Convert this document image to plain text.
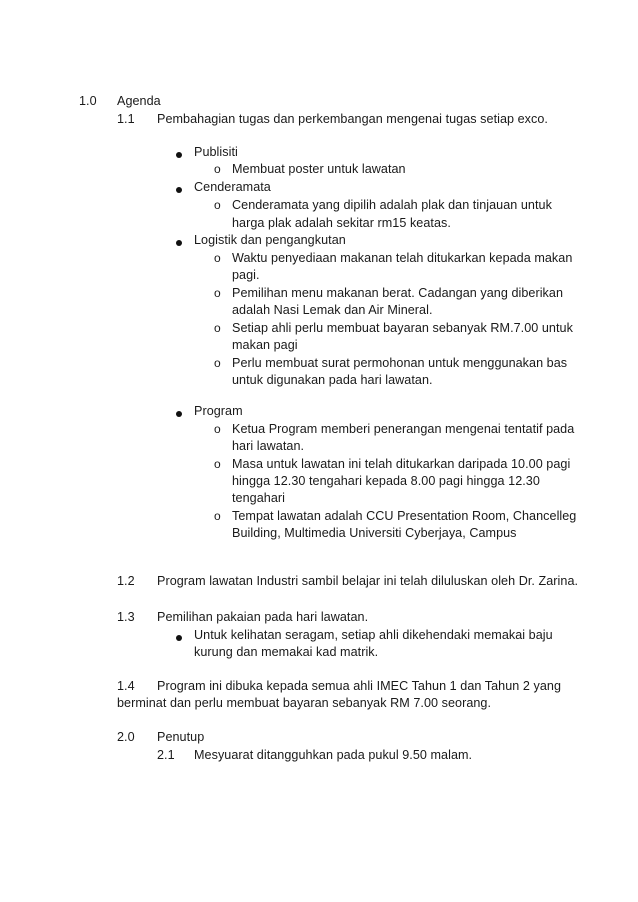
1.0 Agenda
1.1 Pembahagian tugas dan perkembangan mengenai tugas setiap exco.
Publisiti
o Membuat poster untuk lawatan
Cenderamata
o Cenderamata yang dipilih adalah plak dan tinjauan untuk
harga plak adalah sekitar rm15 keatas.
Logistik dan pengangkutan
o Waktu penyediaan makanan telah ditukarkan kepada makan
pagi.
o Pemilihan menu makanan berat. Cadangan yang diberikan
adalah Nasi Lemak dan Air Mineral.
o Setiap ahli perlu membuat bayaran sebanyak RM.7.00 untuk
makan pagi
o Perlu membuat surat permohonan untuk menggunakan bas
untuk digunakan pada hari lawatan.
Program
o Ketua Program memberi penerangan mengenai tentatif pada
hari lawatan.
o Masa untuk lawatan ini telah ditukarkan daripada 10.00 pagi
hingga 12.30 tengahari kepada 8.00 pagi hingga 12.30
tengahari
o Tempat lawatan adalah CCU Presentation Room, Chancelleg
Building, Multimedia Universiti Cyberjaya, Campus
1.2 Program lawatan Industri sambil belajar ini telah diluluskan oleh Dr. Zarina.
1.3 Pemilihan pakaian pada hari lawatan.
Untuk kelihatan seragam, setiap ahli dikehendaki memakai baju
kurung dan memakai kad matrik.
1.4 Program ini dibuka kepada semua ahli IMEC Tahun 1 dan Tahun 2 yang
berminat dan perlu membuat bayaran sebanyak RM 7.00 seorang.
2.0 Penutup
2.1 Mesyuarat ditangguhkan pada pukul 9.50 malam.
